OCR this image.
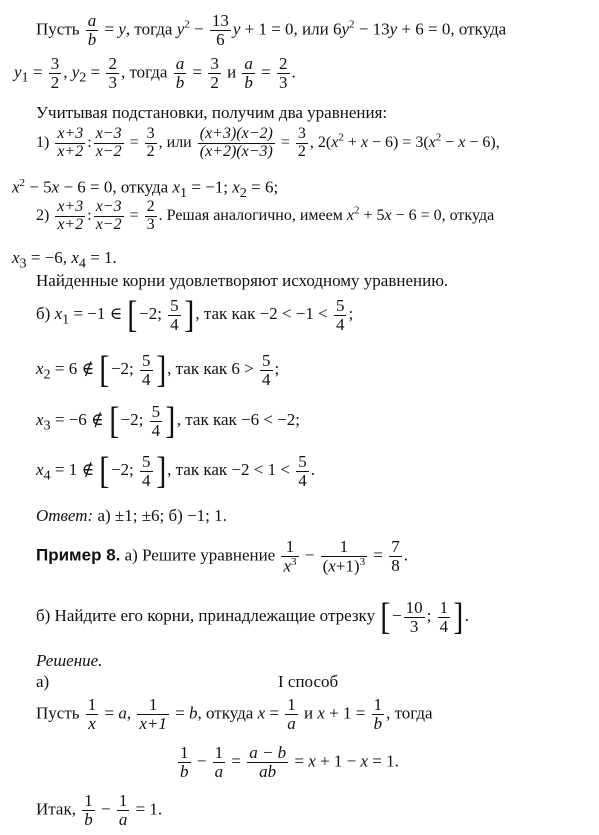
Пусть $\frac{a}{b} = y$, тогда $y^2 - \frac{13}{6}$ y + 1 = 0, или $6y^2 - 13y + 6 = 0$, откуда
$y_1 = \frac{3}{2}$ , $y_2 = \frac{2}{3}$ , тогда $\frac{a}{b} = \frac{3}{2}$ и $\frac{a}{b} = \frac{2}{3}$ .
Учитывая подстановки, получим два уравнения:
$1) \frac{x+3}{x+2}$ : $\frac{x-3}{x-2} = \frac{3}{2}$ , или $\frac{(x+3)(x-2)}{(x+2)(x-3)} = \frac{3}{2}$ , $2(x^2 + x - 6) = 3(x^2 - x - 6)$,
$x^2 - 5x - 6 = 0$, откуда $x_1 = -1$; $x_2 = 6$;
$2) \frac{x+3}{x+2}$ : $\frac{x-3}{x-2} = \frac{2}{3}$ . Решая аналогично, имеем $x^2 + 5x - 6 = 0$, откуда
$x_3 = -6$, $x_4 = 1$.
Найденные корни удовлетворяют исходному уравнению.
б) $x_1 = -1$ ∈ [−2; $\frac{5}{4}$ ], так как $-2 < -1 < \frac{5}{4}$ ;
$x_2 = 6$ ∉ [−2; $\frac{5}{4}$ ], так как $6 > \frac{5}{4}$ ;
$x_3 = -6$ ∉ [−2; $\frac{5}{4}$ ], так как −6 < −2;
$x_4 = 1$ ∉ [−2; $\frac{5}{4}$ ], так как $-2 < 1 < \frac{5}{4}$ .
Ответ: а) ±1; ±6; б) −1; 1.
Пример 8. а) Решите уравнение $\frac{1}{x^3} - \frac{1}{(x+1)^3} = \frac{7}{8}$ .
б) Найдите его корни, принадлежащие отрезку [− $\frac{10}{3}$ ; $\frac{1}{4}$ ].
Решение.
а)	I способ
Пусть $\frac{1}{x} = a$, $\frac{1}{x+1} = b$, откуда $x = \frac{1}{a}$ и $x + 1 = \frac{1}{b}$ , тогда
$\frac{1}{b} - \frac{1}{a} = \frac{a - b}{ab} = x + 1 - x = 1$.
Итак, $\frac{1}{b} - \frac{1}{a} = 1$.
